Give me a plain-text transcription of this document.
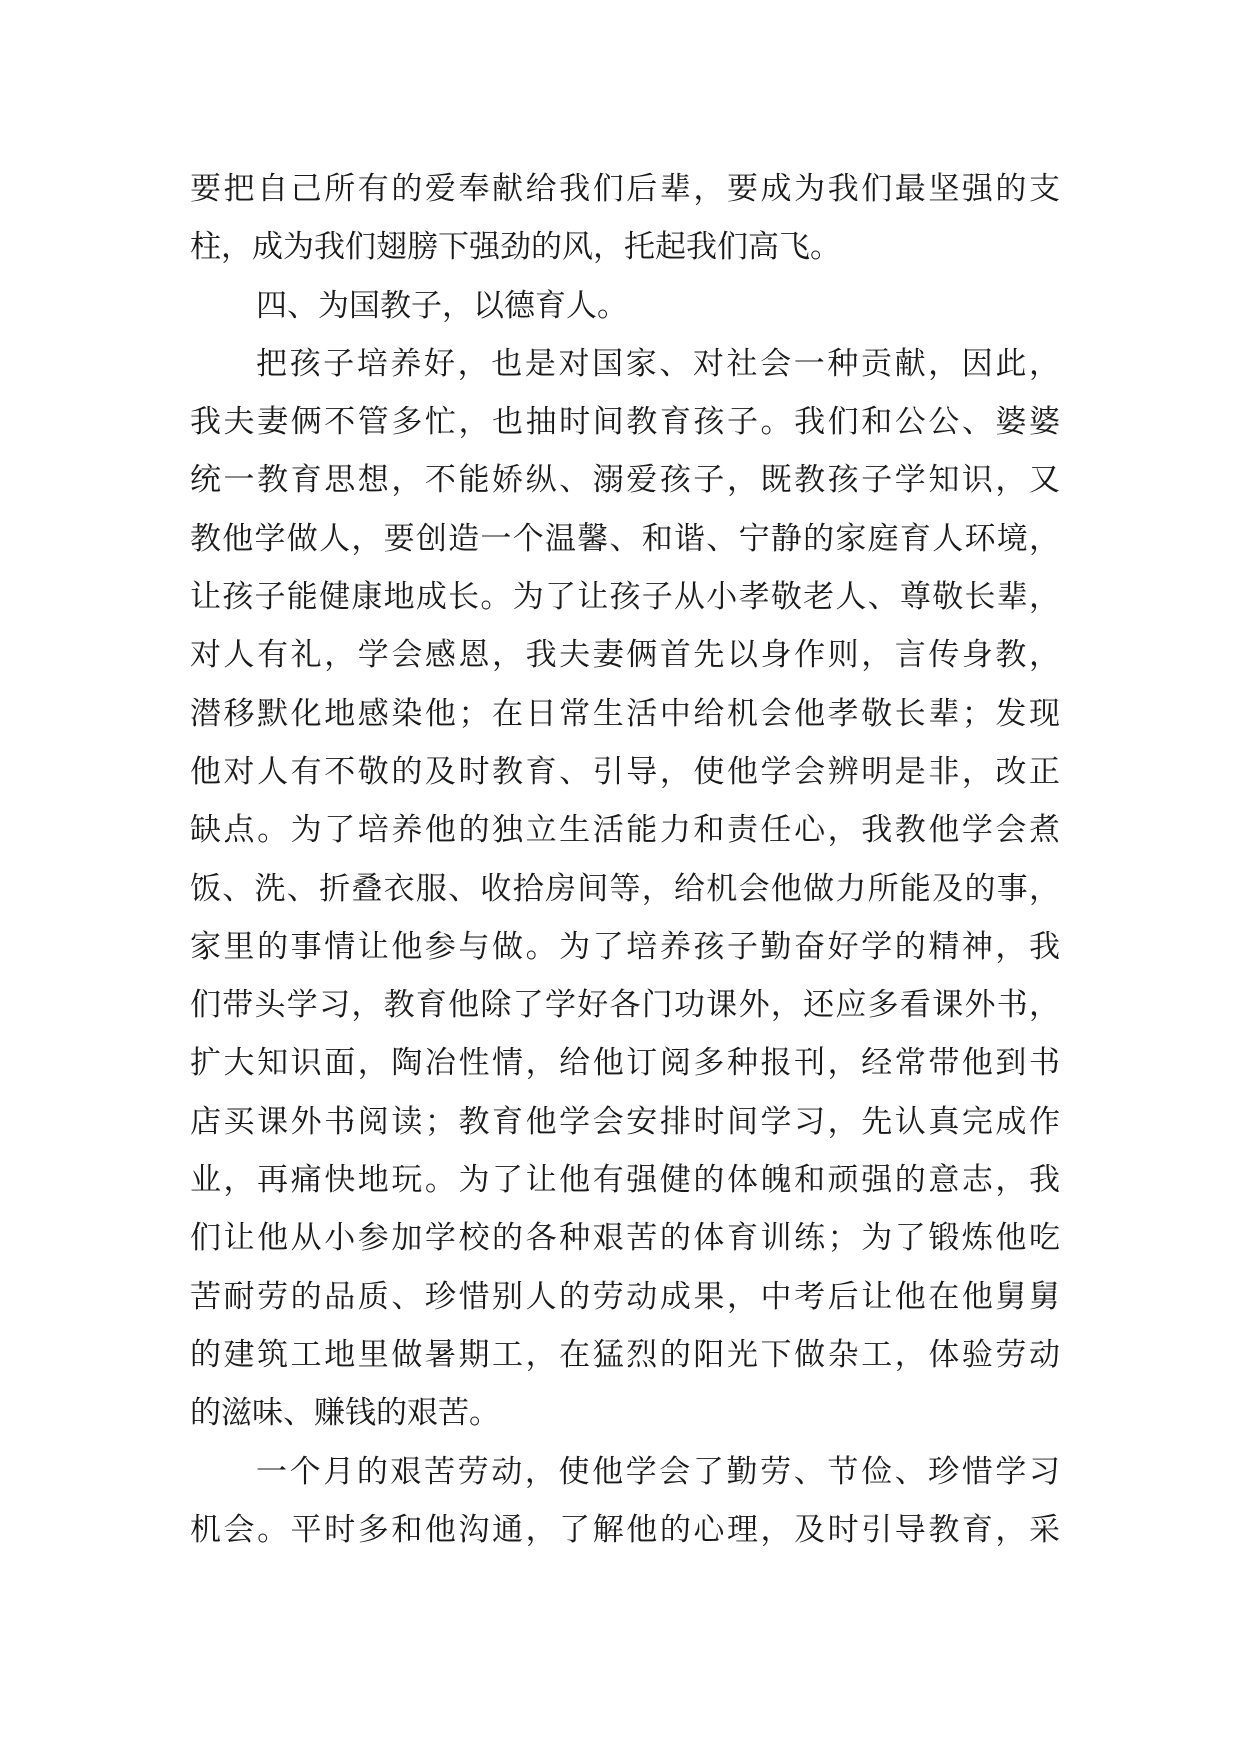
要把自己所有的爱奉献给我们后辈，要成为我们最坚强的支
柱，成为我们翅膀下强劲的风，托起我们高飞。
四、为国教子，以德育人。
把孩子培养好，也是对国家、对社会一种贡献，因此，
我夫妻俩不管多忙，也抽时间教育孩子。我们和公公、婆婆
统一教育思想，不能娇纵、溺爱孩子，既教孩子学知识，又
教他学做人，要创造一个温馨、和谐、宁静的家庭育人环境，
让孩子能健康地成长。为了让孩子从小孝敬老人、尊敬长辈，
对人有礼，学会感恩，我夫妻俩首先以身作则，言传身教，
潜移默化地感染他；在日常生活中给机会他孝敬长辈；发现
他对人有不敬的及时教育、引导，使他学会辨明是非，改正
缺点。为了培养他的独立生活能力和责任心，我教他学会煮
饭、洗、折叠衣服、收拾房间等，给机会他做力所能及的事，
家里的事情让他参与做。为了培养孩子勤奋好学的精神，我
们带头学习，教育他除了学好各门功课外，还应多看课外书，
扩大知识面，陶冶性情，给他订阅多种报刊，经常带他到书
店买课外书阅读；教育他学会安排时间学习，先认真完成作
业，再痛快地玩。为了让他有强健的体魄和顽强的意志，我
们让他从小参加学校的各种艰苦的体育训练；为了锻炼他吃
苦耐劳的品质、珍惜别人的劳动成果，中考后让他在他舅舅
的建筑工地里做暑期工，在猛烈的阳光下做杂工，体验劳动
的滋味、赚钱的艰苦。
一个月的艰苦劳动，使他学会了勤劳、节俭、珍惜学习
机会。平时多和他沟通，了解他的心理，及时引导教育，采
